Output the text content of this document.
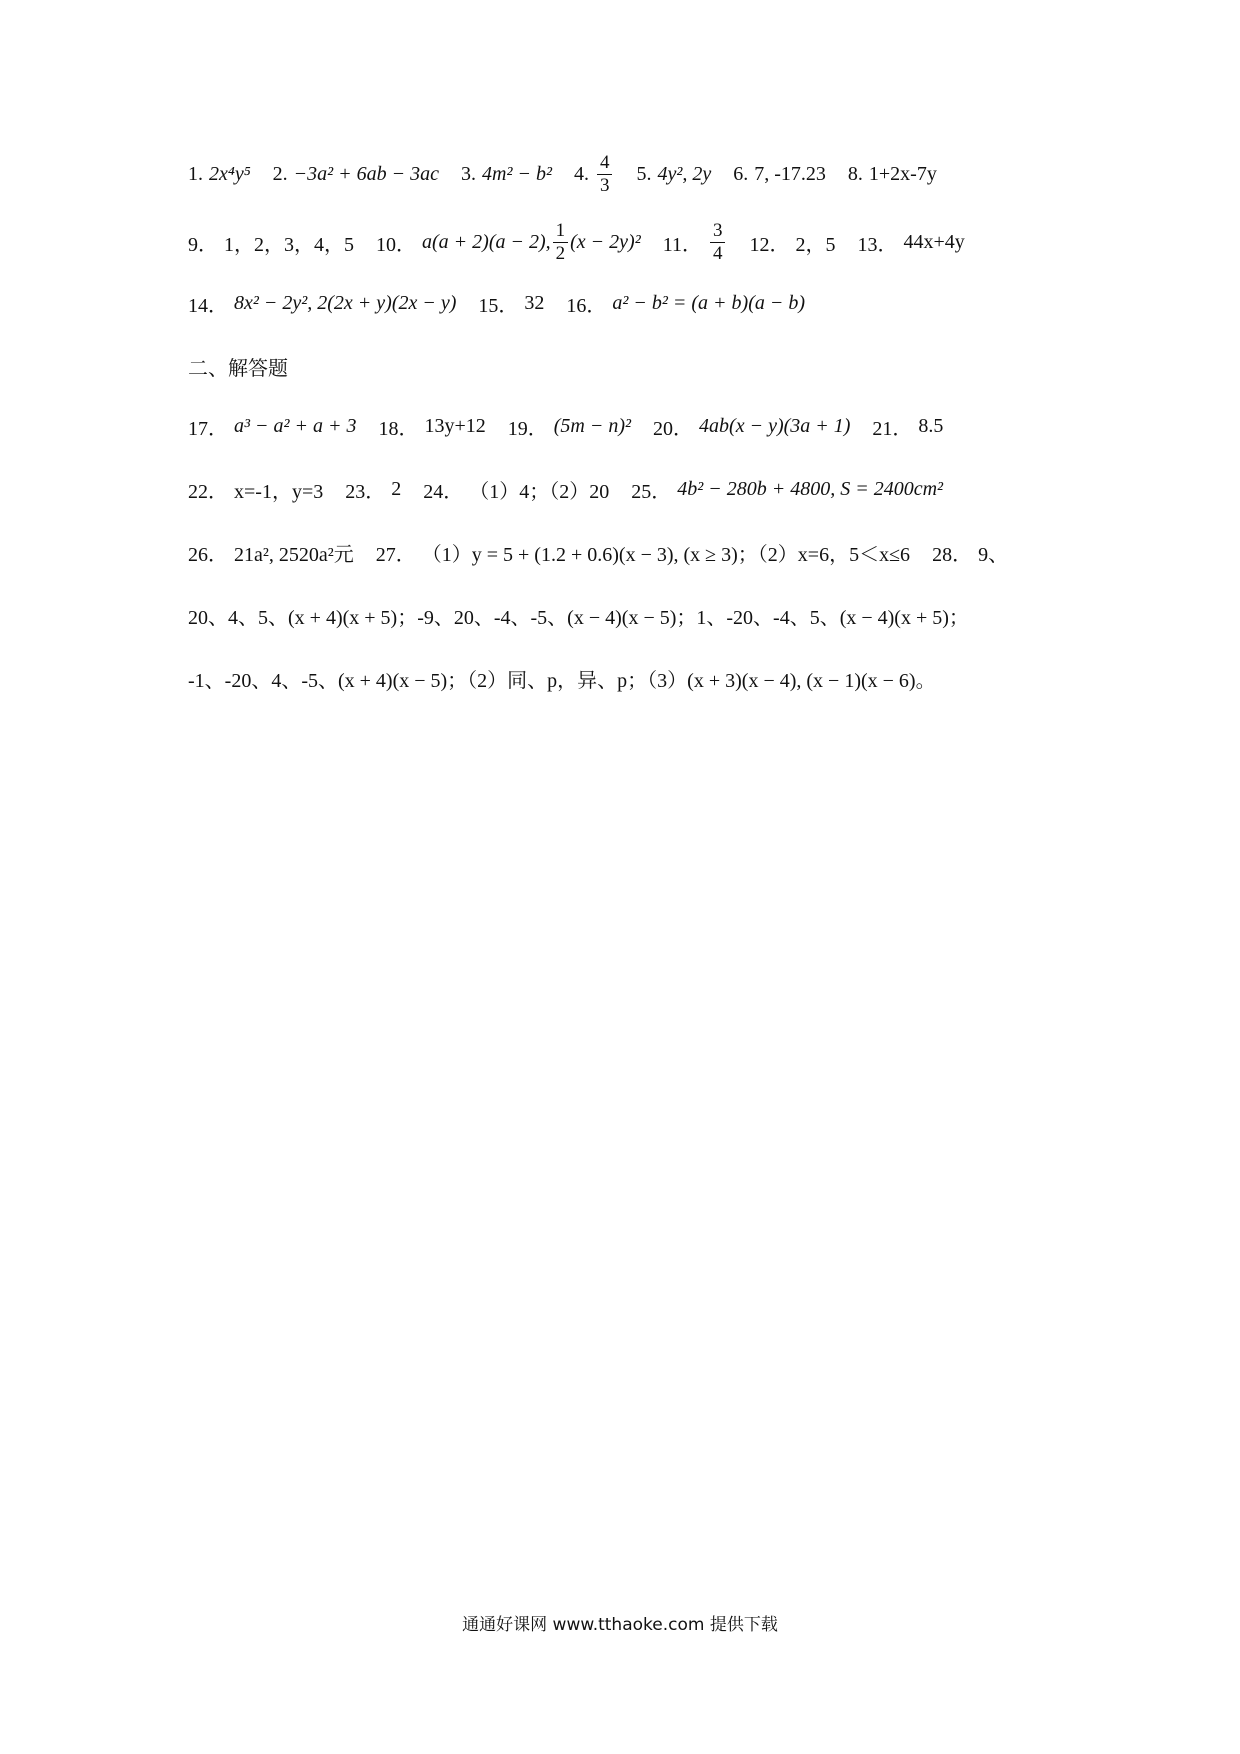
1. 2x⁴y⁵ 2. −3a² + 6ab − 3ac 3. 4m² − b² 4. $\frac{4}{3} 5$. 4y², 2y 6. 7, -17.23 8. 1+2x-7y
9． 1，2，3，4，5 10． a(a + 2)(a − 2), $\frac{1}{2} (x - 2y)^2$ 11． $\frac{3}{4} 12$． 2，5 13． 44x+4y
14． 8x² − 2y², 2(2x + y)(2x − y) 15． 32 16． a² − b² = (a + b)(a − b)
二、解答题
17． a³ − a² + a + 3 18． 13y+12 19． (5m − n)² 20． 4ab(x − y)(3a + 1) 21． 8.5
22． x=-1，y=3 23． 2 24． （1）4；（2）20 25． 4b² − 280b + 4800, S = 2400cm²
26． 21a², 2520a²元 27． （1）y = 5 + (1.2 + 0.6)(x − 3), (x ≥ 3)；（2）x=6，5＜x≤6 28． 9、
20、4、5、(x + 4)(x + 5)；-9、20、-4、-5、(x − 4)(x − 5)；1、-20、-4、5、(x − 4)(x + 5)；
-1、-20、4、-5、(x + 4)(x − 5)；（2）同、p，异、p；（3）(x + 3)(x − 4), (x − 1)(x − 6)。
通通好课网 www.tthaoke.com 提供下载
